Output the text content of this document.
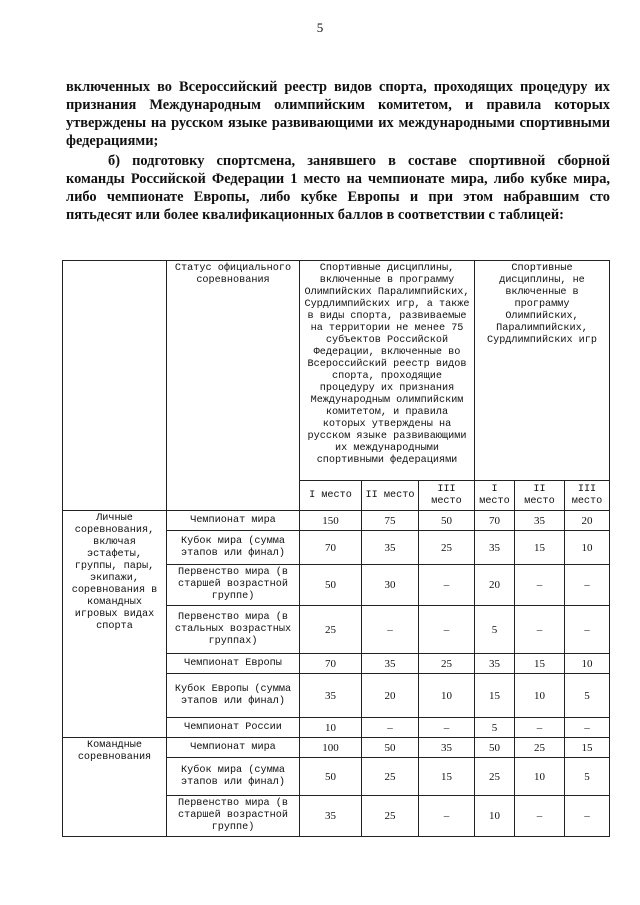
5
включенных во Всероссийский реестр видов спорта, проходящих процедуру их признания Международным олимпийским комитетом, и правила которых утверждены на русском языке развивающими их международными спортивными федерациями;
б) подготовку спортсмена, занявшего в составе спортивной сборной команды Российской Федерации 1 место на чемпионате мира, либо кубке мира, либо чемпионате Европы, либо кубке Европы и при этом набравшим сто пятьдесят или более квалификационных баллов в соответствии с таблицей:
	Статус официального соревнования	Спортивные дисциплины, включенные в программу Олимпийских Паралимпийских, Сурдлимпийских игр, а также в виды спорта, развиваемые на территории не менее 75 субъектов Российской Федерации, включенные во Всероссийский реестр видов спорта, проходящие процедуру их признания Международным олимпийским комитетом, и правила которых утверждены на русском языке развивающими их международными спортивными федерациями			Спортивные дисциплины, не включенные в программу Олимпийских, Паралимпийских, Сурдлимпийских игр		
		I место	II место	III место	I место	II место	III место
Личные соревнования, включая эстафеты, группы, пары, экипажи, соревнования в командных игровых видах спорта	Чемпионат мира	150	75	50	70	35	20
	Кубок мира (сумма этапов или финал)	70	35	25	35	15	10
	Первенство мира (в старшей возрастной группе)	50	30	–	20	–	–
	Первенство мира (в стальных возрастных группах)	25	–	–	5	–	–
	Чемпионат Европы	70	35	25	35	15	10
	Кубок Европы (сумма этапов или финал)	35	20	10	15	10	5
	Чемпионат России	10	–	–	5	–	–
Командные соревнования	Чемпионат мира	100	50	35	50	25	15
	Кубок мира (сумма этапов или финал)	50	25	15	25	10	5
	Первенство мира (в старшей возрастной группе)	35	25	–	10	–	–
